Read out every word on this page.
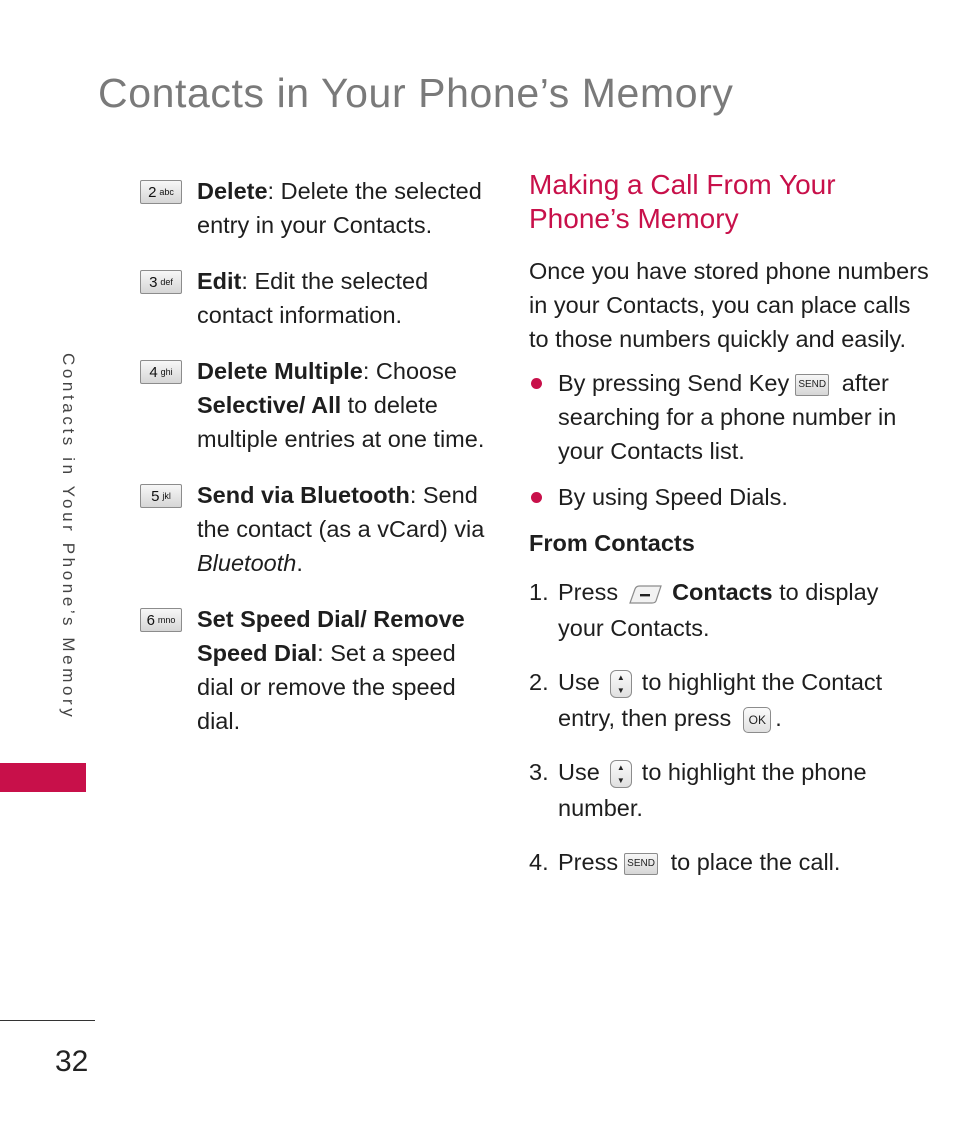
Contacts in Your Phone’s Memory
Contacts in Your Phone’s Memory
2 abc Delete: Delete the selected entry in your Contacts.
3 def Edit: Edit the selected contact information.
4 ghi Delete Multiple: Choose Selective/ All to delete multiple entries at one time.
5 jkl Send via Bluetooth: Send the contact (as a vCard) via Bluetooth.
6 mno Set Speed Dial/ Remove Speed Dial: Set a speed dial or remove the speed dial.
Making a Call From Your Phone’s Memory

Once you have stored phone numbers in your Contacts, you can place calls to those numbers quickly and easily.

By pressing Send Key SEND after searching for a phone number in your Contacts list.
By using Speed Dials.
From Contacts
1. Press Contacts to display your Contacts.
2. Use ▲
▼ to highlight the Contact entry, then press OK .
3. Use ▲
▼ to highlight the phone number.
4. Press SEND to place the call.
32
